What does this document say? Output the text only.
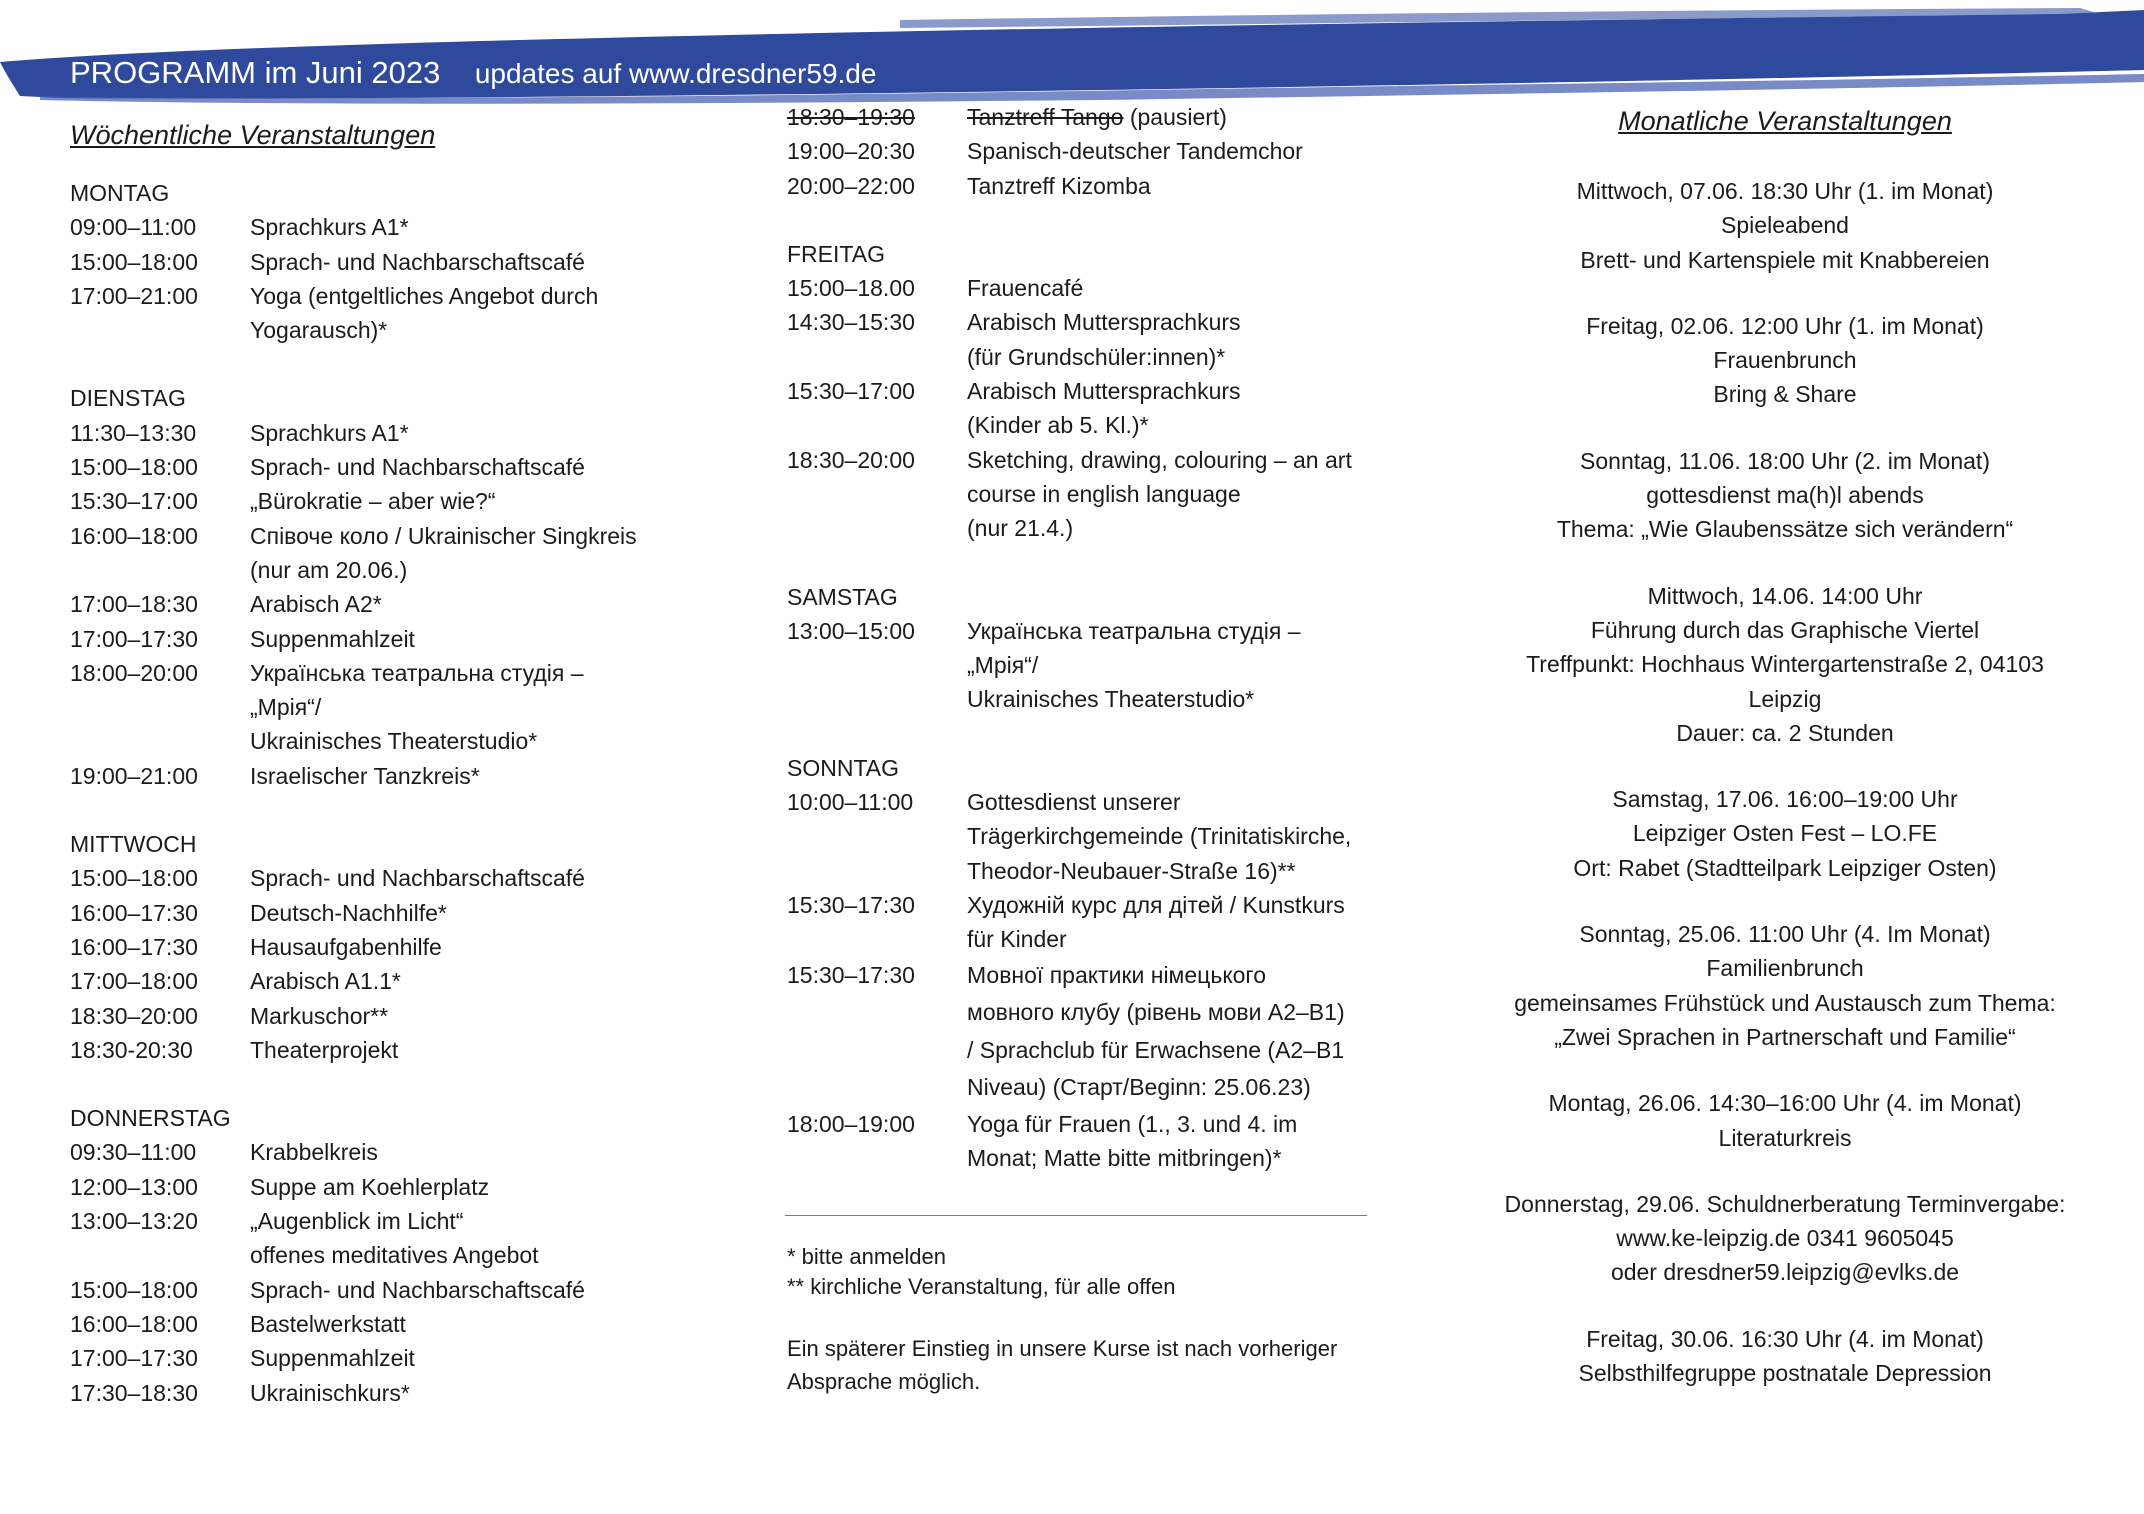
PROGRAMM im Juni 2023 updates auf www.dresdner59.de
Wöchentliche Veranstaltungen
MONTAG
09:00–11:00	Sprachkurs A1*
15:00–18:00	Sprach- und Nachbarschaftscafé
17:00–21:00	Yoga (entgeltliches Angebot durch
Yogarausch)*
DIENSTAG
11:30–13:30	Sprachkurs A1*
15:00–18:00	Sprach- und Nachbarschaftscafé
15:30–17:00	„Bürokratie – aber wie?“
16:00–18:00	Співоче коло / Ukrainischer Singkreis
(nur am 20.06.)
17:00–18:30	Arabisch A2*
17:00–17:30	Suppenmahlzeit
18:00–20:00	Українська театральна студія –
„Мрія“/
Ukrainisches Theaterstudio*
19:00–21:00	Israelischer Tanzkreis*
MITTWOCH
15:00–18:00	Sprach- und Nachbarschaftscafé
16:00–17:30	Deutsch-Nachhilfe*
16:00–17:30	Hausaufgabenhilfe
17:00–18:00	Arabisch A1.1*
18:30–20:00	Markuschor**
18:30-20:30	Theaterprojekt
DONNERSTAG
09:30–11:00	Krabbelkreis
12:00–13:00	Suppe am Koehlerplatz
13:00–13:20	„Augenblick im Licht“
offenes meditatives Angebot
15:00–18:00	Sprach- und Nachbarschaftscafé
16:00–18:00	Bastelwerkstatt
17:00–17:30	Suppenmahlzeit
17:30–18:30	Ukrainischkurs*
18:30–19:30	Tanztreff Tango (pausiert)
19:00–20:30	Spanisch-deutscher Tandemchor
20:00–22:00	Tanztreff Kizomba
FREITAG
15:00–18.00	Frauencafé
14:30–15:30	Arabisch Muttersprachkurs
(für Grundschüler:innen)*
15:30–17:00	Arabisch Muttersprachkurs
(Kinder ab 5. Kl.)*
18:30–20:00	Sketching, drawing, colouring – an art
course in english language
(nur 21.4.)
SAMSTAG
13:00–15:00	Українська театральна студія –
„Мрія“/
Ukrainisches Theaterstudio*
SONNTAG
10:00–11:00	Gottesdienst unserer
Trägerkirchgemeinde (Trinitatiskirche,
Theodor-Neubauer-Straße 16)**
15:30–17:30	Художній курс для дітей / Kunstkurs
für Kinder
15:30–17:30	Мовної практики німецького
мовного клубу (рівень мови A2–B1)
/ Sprachclub für Erwachsene (A2–B1
Niveau) (Старт/Beginn: 25.06.23)
18:00–19:00	Yoga für Frauen (1., 3. und 4. im
Monat; Matte bitte mitbringen)*
* bitte anmelden
** kirchliche Veranstaltung, für alle offen
Ein späterer Einstieg in unsere Kurse ist nach vorheriger
Absprache möglich.
Monatliche Veranstaltungen
Mittwoch, 07.06. 18:30 Uhr (1. im Monat)
Spieleabend
Brett- und Kartenspiele mit Knabbereien
Freitag, 02.06. 12:00 Uhr (1. im Monat)
Frauenbrunch
Bring & Share
Sonntag, 11.06. 18:00 Uhr (2. im Monat)
gottesdienst ma(h)l abends
Thema: „Wie Glaubenssätze sich verändern“
Mittwoch, 14.06. 14:00 Uhr
Führung durch das Graphische Viertel
Treffpunkt: Hochhaus Wintergartenstraße 2, 04103
Leipzig
Dauer: ca. 2 Stunden
Samstag, 17.06. 16:00–19:00 Uhr
Leipziger Osten Fest – LO.FE
Ort: Rabet (Stadtteilpark Leipziger Osten)
Sonntag, 25.06. 11:00 Uhr (4. Im Monat)
Familienbrunch
gemeinsames Frühstück und Austausch zum Thema:
„Zwei Sprachen in Partnerschaft und Familie“
Montag, 26.06. 14:30–16:00 Uhr (4. im Monat)
Literaturkreis
Donnerstag, 29.06. Schuldnerberatung Terminvergabe:
www.ke-leipzig.de 0341 9605045
oder dresdner59.leipzig@evlks.de
Freitag, 30.06. 16:30 Uhr (4. im Monat)
Selbsthilfegruppe postnatale Depression
